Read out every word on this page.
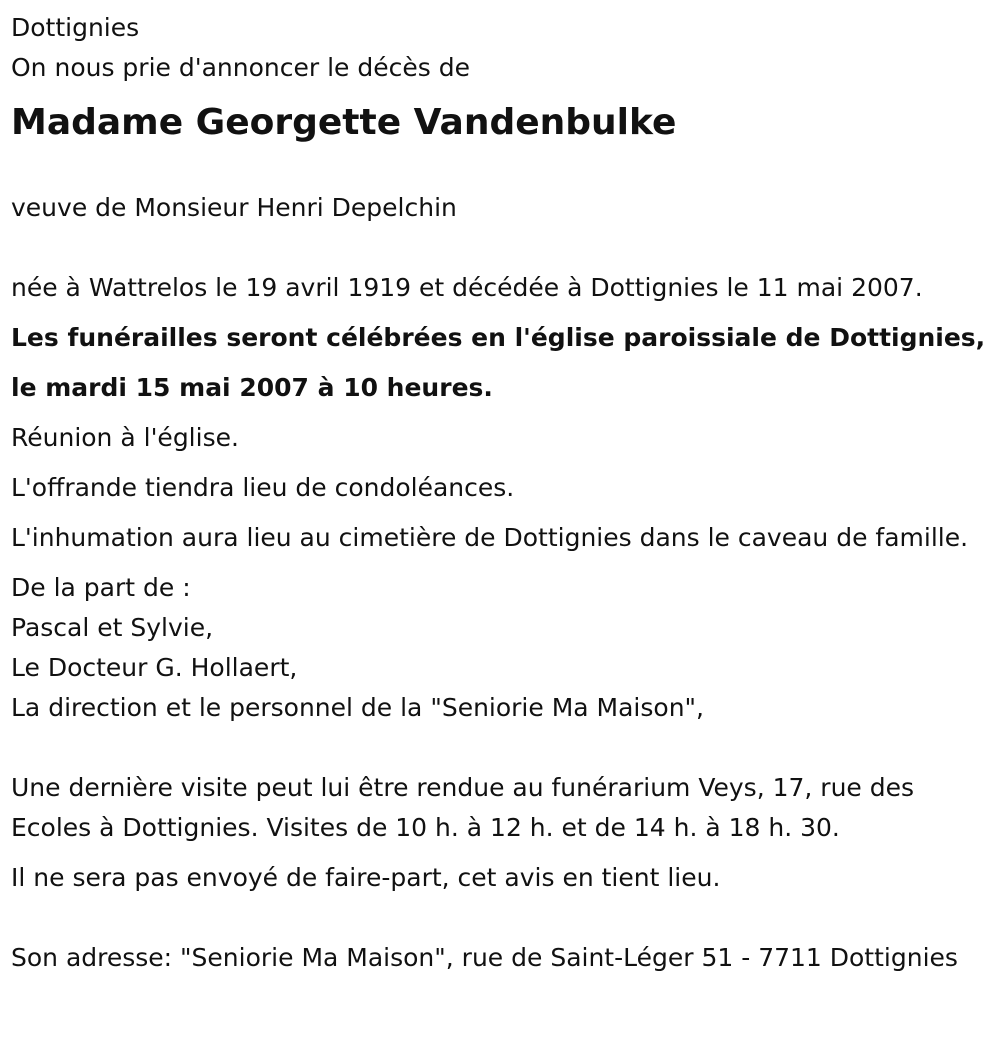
Dottignies

On nous prie d'annoncer le décès de

Madame Georgette Vandenbulke

veuve de Monsieur Henri Depelchin

née à Wattrelos le 19 avril 1919 et décédée à Dottignies le 11 mai 2007.

Les funérailles seront célébrées en l'église paroissiale de Dottignies,

le mardi 15 mai 2007 à 10 heures.

Réunion à l'église.

L'offrande tiendra lieu de condoléances.

L'inhumation aura lieu au cimetière de Dottignies dans le caveau de famille.

De la part de :

Pascal et Sylvie,

Le Docteur G. Hollaert,

La direction et le personnel de la "Seniorie Ma Maison",

Une dernière visite peut lui être rendue au funérarium Veys, 17, rue des Ecoles à Dottignies. Visites de 10 h. à 12 h. et de 14 h. à 18 h. 30.

Il ne sera pas envoyé de faire-part, cet avis en tient lieu.

Son adresse: "Seniorie Ma Maison", rue de Saint-Léger 51 - 7711 Dottignies
